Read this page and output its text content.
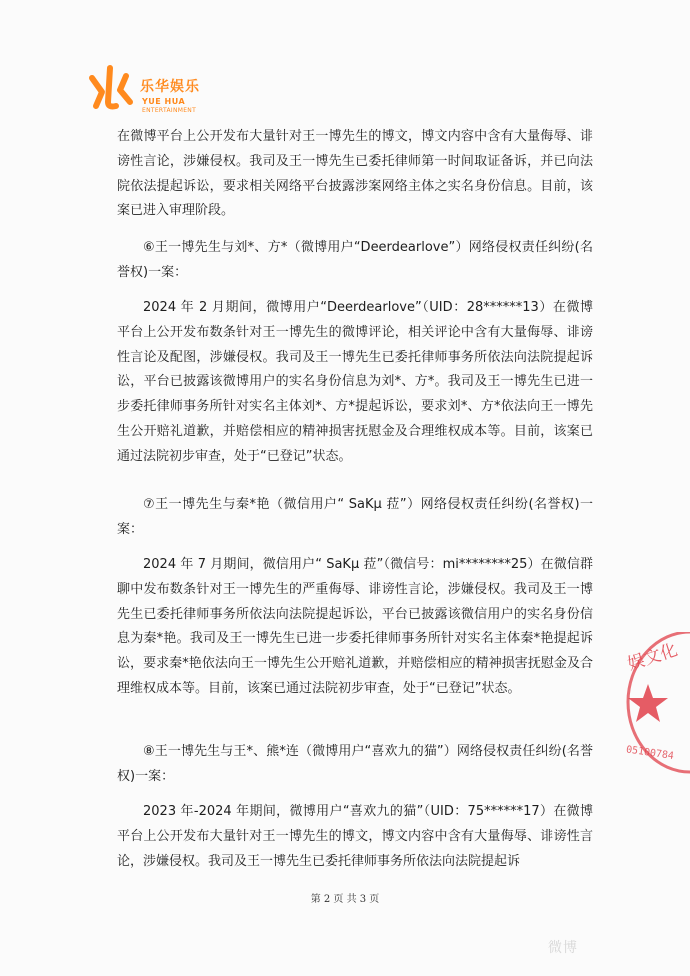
乐华娱乐
YUE HUA
ENTERTAINMENT
在微博平台上公开发布大量针对王一博先生的博文，博文内容中含有大量侮辱、诽谤性言论，涉嫌侵权。我司及王一博先生已委托律师第一时间取证备诉，并已向法院依法提起诉讼，要求相关网络平台披露涉案网络主体之实名身份信息。目前，该案已进入审理阶段。
⑥王一博先生与刘*、方*（微博用户“Deerdearlove”）网络侵权责任纠纷(名誉权)一案：
2024 年 2 月期间，微博用户“Deerdearlove”（UID：28******13）在微博平台上公开发布数条针对王一博先生的微博评论，相关评论中含有大量侮辱、诽谤性言论及配图，涉嫌侵权。我司及王一博先生已委托律师事务所依法向法院提起诉讼，平台已披露该微博用户的实名身份信息为刘*、方*。我司及王一博先生已进一步委托律师事务所针对实名主体刘*、方*提起诉讼，要求刘*、方*依法向王一博先生公开赔礼道歉，并赔偿相应的精神损害抚慰金及合理维权成本等。目前，该案已通过法院初步审查，处于“已登记”状态。
⑦王一博先生与秦*艳（微信用户“ SaKμ 菈”）网络侵权责任纠纷(名誉权)一案：
2024 年 7 月期间，微信用户“ SaKμ 菈”（微信号：mi********25）在微信群聊中发布数条针对王一博先生的严重侮辱、诽谤性言论，涉嫌侵权。我司及王一博先生已委托律师事务所依法向法院提起诉讼，平台已披露该微信用户的实名身份信息为秦*艳。我司及王一博先生已进一步委托律师事务所针对实名主体秦*艳提起诉讼，要求秦*艳依法向王一博先生公开赔礼道歉，并赔偿相应的精神损害抚慰金及合理维权成本等。目前，该案已通过法院初步审查，处于“已登记”状态。
⑧王一博先生与王*、熊*连（微博用户“喜欢九的猫”）网络侵权责任纠纷(名誉权)一案：
2023 年-2024 年期间，微博用户“喜欢九的猫”（UID：75******17）在微博平台上公开发布大量针对王一博先生的博文，博文内容中含有大量侮辱、诽谤性言论，涉嫌侵权。我司及王一博先生已委托律师事务所依法向法院提起诉
第 2 页 共 3 页
娱文化
05100784
微博
